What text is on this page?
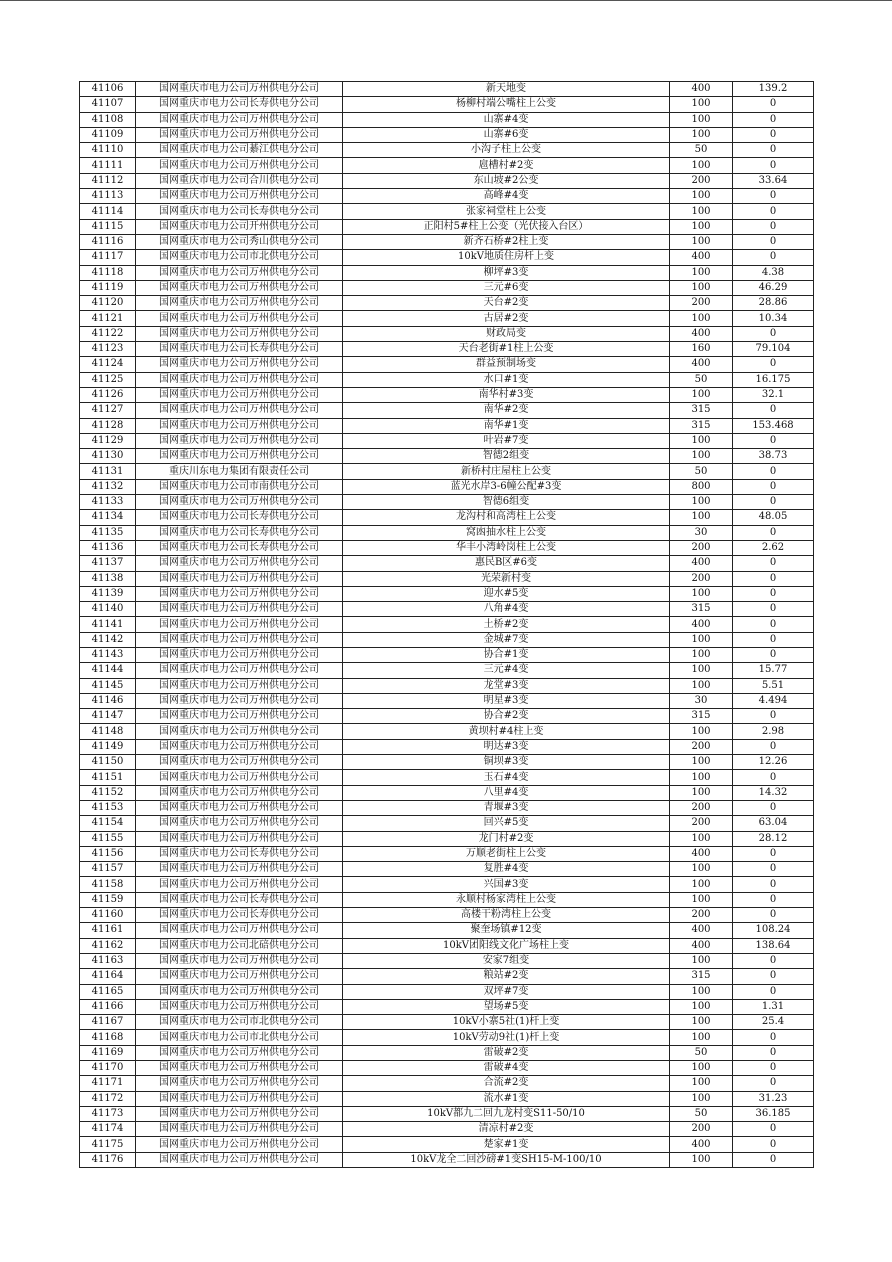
41106	国网重庆市电力公司万州供电分公司	新天地变	400	139.2
41107	国网重庆市电力公司长寿供电分公司	杨柳村端公嘴柱上公变	100	0
41108	国网重庆市电力公司万州供电分公司	山寨#4变	100	0
41109	国网重庆市电力公司万州供电分公司	山寨#6变	100	0
41110	国网重庆市电力公司綦江供电分公司	小沟子柱上公变	50	0
41111	国网重庆市电力公司万州供电分公司	扈槽村#2变	100	0
41112	国网重庆市电力公司合川供电分公司	东山坡#2公变	200	33.64
41113	国网重庆市电力公司万州供电分公司	高峰#4变	100	0
41114	国网重庆市电力公司长寿供电分公司	张家祠堂柱上公变	100	0
41115	国网重庆市电力公司开州供电分公司	正阳村5#柱上公变（光伏接入台区）	100	0
41116	国网重庆市电力公司秀山供电分公司	新齐石桥#2柱上变	100	0
41117	国网重庆市电力公司市北供电分公司	10kV地质住房杆上变	400	0
41118	国网重庆市电力公司万州供电分公司	柳坪#3变	100	4.38
41119	国网重庆市电力公司万州供电分公司	三元#6变	100	46.29
41120	国网重庆市电力公司万州供电分公司	天台#2变	200	28.86
41121	国网重庆市电力公司万州供电分公司	古居#2变	100	10.34
41122	国网重庆市电力公司万州供电分公司	财政局变	400	0
41123	国网重庆市电力公司长寿供电分公司	天台老街#1柱上公变	160	79.104
41124	国网重庆市电力公司万州供电分公司	群益预制场变	400	0
41125	国网重庆市电力公司万州供电分公司	水口#1变	50	16.175
41126	国网重庆市电力公司万州供电分公司	南华村#3变	100	32.1
41127	国网重庆市电力公司万州供电分公司	南华#2变	315	0
41128	国网重庆市电力公司万州供电分公司	南华#1变	315	153.468
41129	国网重庆市电力公司万州供电分公司	叶岩#7变	100	0
41130	国网重庆市电力公司万州供电分公司	智德2组变	100	38.73
41131	重庆川东电力集团有限责任公司	新桥村庄屋柱上公变	50	0
41132	国网重庆市电力公司市南供电分公司	蓝光水岸3-6幢公配#3变	800	0
41133	国网重庆市电力公司万州供电分公司	智德6组变	100	0
41134	国网重庆市电力公司长寿供电分公司	龙沟村和高湾柱上公变	100	48.05
41135	国网重庆市电力公司长寿供电分公司	窝凼抽水柱上公变	30	0
41136	国网重庆市电力公司长寿供电分公司	华丰小湾岭岗柱上公变	200	2.62
41137	国网重庆市电力公司万州供电分公司	惠民B区#6变	400	0
41138	国网重庆市电力公司万州供电分公司	光荣新村变	200	0
41139	国网重庆市电力公司万州供电分公司	迎水#5变	100	0
41140	国网重庆市电力公司万州供电分公司	八角#4变	315	0
41141	国网重庆市电力公司万州供电分公司	土桥#2变	400	0
41142	国网重庆市电力公司万州供电分公司	金城#7变	100	0
41143	国网重庆市电力公司万州供电分公司	协合#1变	100	0
41144	国网重庆市电力公司万州供电分公司	三元#4变	100	15.77
41145	国网重庆市电力公司万州供电分公司	龙堂#3变	100	5.51
41146	国网重庆市电力公司万州供电分公司	明星#3变	30	4.494
41147	国网重庆市电力公司万州供电分公司	协合#2变	315	0
41148	国网重庆市电力公司万州供电分公司	黄坝村#4柱上变	100	2.98
41149	国网重庆市电力公司万州供电分公司	明达#3变	200	0
41150	国网重庆市电力公司万州供电分公司	铜坝#3变	100	12.26
41151	国网重庆市电力公司万州供电分公司	玉石#4变	100	0
41152	国网重庆市电力公司万州供电分公司	八里#4变	100	14.32
41153	国网重庆市电力公司万州供电分公司	青堰#3变	200	0
41154	国网重庆市电力公司万州供电分公司	回兴#5变	200	63.04
41155	国网重庆市电力公司万州供电分公司	龙门村#2变	100	28.12
41156	国网重庆市电力公司长寿供电分公司	万顺老街柱上公变	400	0
41157	国网重庆市电力公司万州供电分公司	复胜#4变	100	0
41158	国网重庆市电力公司万州供电分公司	兴国#3变	100	0
41159	国网重庆市电力公司长寿供电分公司	永顺村杨家湾柱上公变	100	0
41160	国网重庆市电力公司长寿供电分公司	高楼干粉湾柱上公变	200	0
41161	国网重庆市电力公司万州供电分公司	聚奎场镇#12变	400	108.24
41162	国网重庆市电力公司北碚供电分公司	10kV团阳线文化广场柱上变	400	138.64
41163	国网重庆市电力公司万州供电分公司	安家7组变	100	0
41164	国网重庆市电力公司万州供电分公司	粮站#2变	315	0
41165	国网重庆市电力公司万州供电分公司	双坪#7变	100	0
41166	国网重庆市电力公司万州供电分公司	望场#5变	100	1.31
41167	国网重庆市电力公司市北供电分公司	10kV小寨5社(1)杆上变	100	25.4
41168	国网重庆市电力公司市北供电分公司	10kV劳动9社(1)杆上变	100	0
41169	国网重庆市电力公司万州供电分公司	雷破#2变	50	0
41170	国网重庆市电力公司万州供电分公司	雷破#4变	100	0
41171	国网重庆市电力公司万州供电分公司	合流#2变	100	0
41172	国网重庆市电力公司万州供电分公司	流水#1变	100	31.23
41173	国网重庆市电力公司万州供电分公司	10kV都九二回九龙村变S11-50/10	50	36.185
41174	国网重庆市电力公司万州供电分公司	清凉村#2变	200	0
41175	国网重庆市电力公司万州供电分公司	楚家#1变	400	0
41176	国网重庆市电力公司万州供电分公司	10kV龙全二回沙磅#1变SH15-M-100/10	100	0
